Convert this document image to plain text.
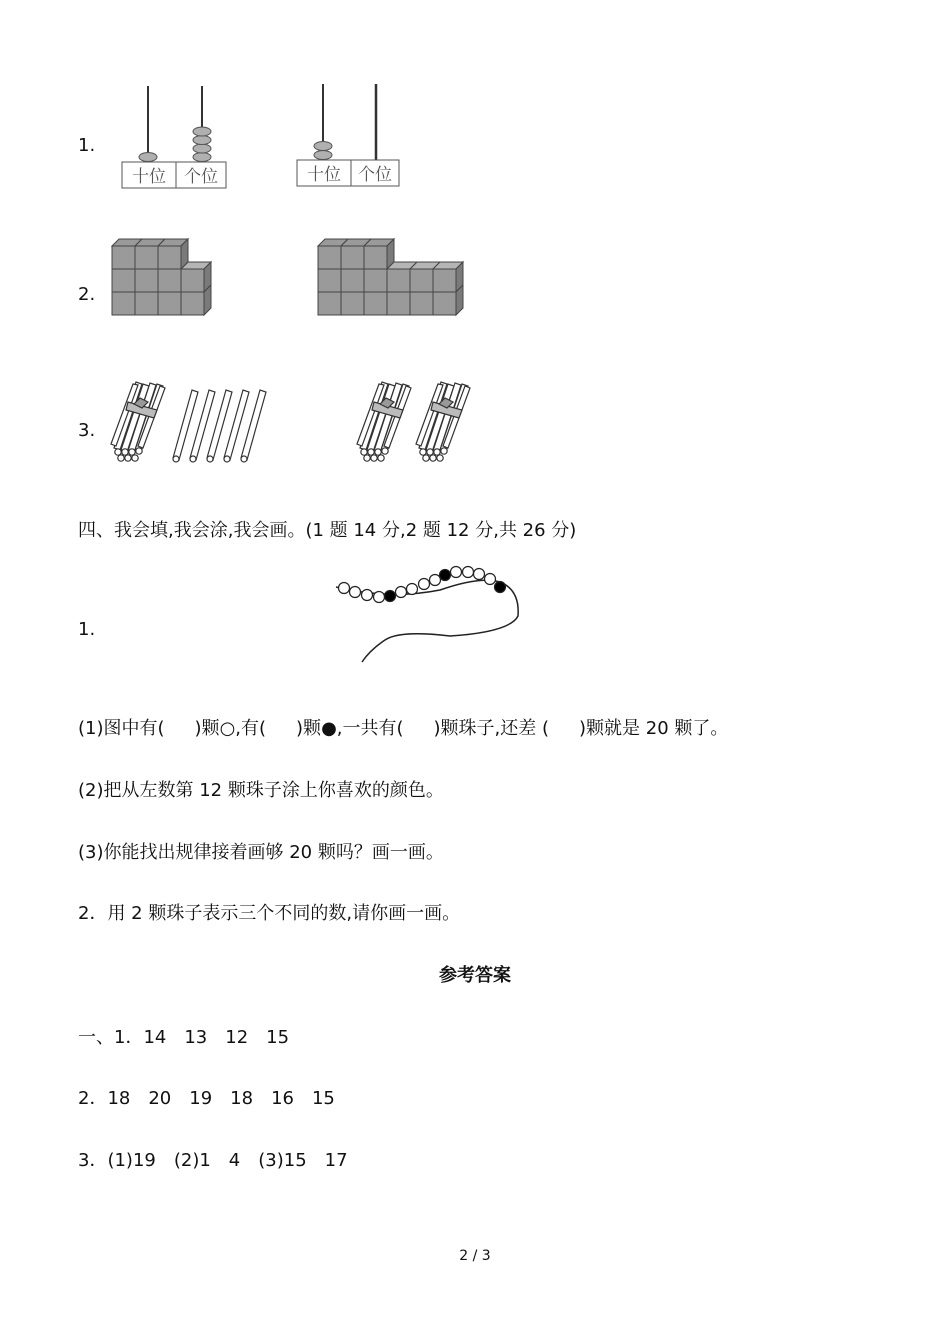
1.
十位 个位	十位 个位
2.
3.
四、我会填,我会涂,我会画。(1 题 14 分,2 题 12 分,共 26 分)
1.
(1)图中有( )颗○,有( )颗●,一共有( )颗珠子,还差 ( )颗就是 20 颗了。
(2)把从左数第 12 颗珠子涂上你喜欢的颜色。
(3)你能找出规律接着画够 20 颗吗？画一画。
2．用 2 颗珠子表示三个不同的数,请你画一画。
参考答案
一、1．14　13　12　15
2．18　20　19　18　16　15
3．(1)19　(2)1　4　(3)15　17
2 / 3
